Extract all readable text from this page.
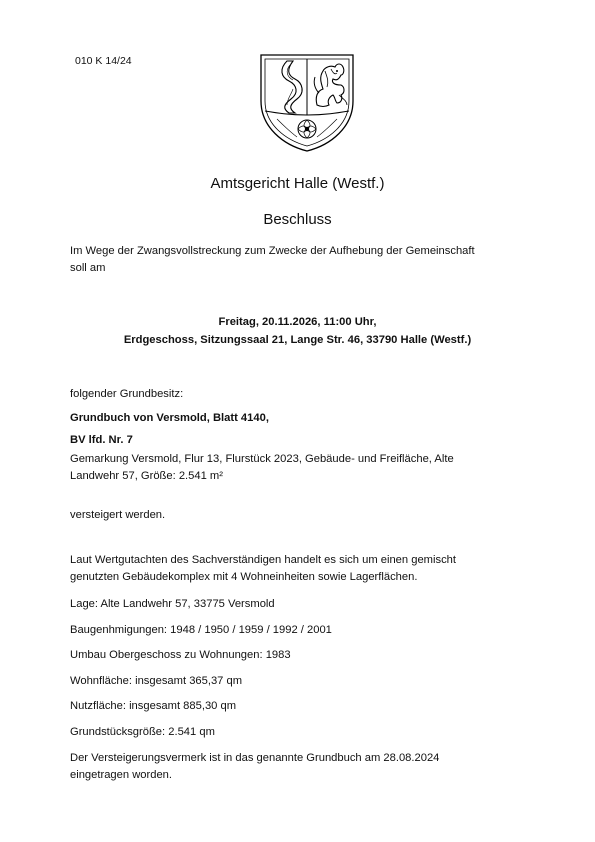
010 K 14/24
Amtsgericht Halle (Westf.)
Beschluss
Im Wege der Zwangsvollstreckung zum Zwecke der Aufhebung der Gemeinschaft
soll am
Freitag, 20.11.2026, 11:00 Uhr,
Erdgeschoss, Sitzungssaal 21, Lange Str. 46, 33790 Halle (Westf.)
folgender Grundbesitz:
Grundbuch von Versmold, Blatt 4140,
BV lfd. Nr. 7
Gemarkung Versmold, Flur 13, Flurstück 2023, Gebäude- und Freifläche, Alte
Landwehr 57, Größe: 2.541 m²
versteigert werden.
Laut Wertgutachten des Sachverständigen handelt es sich um einen gemischt
genutzten Gebäudekomplex mit 4 Wohneinheiten sowie Lagerflächen.
Lage: Alte Landwehr 57, 33775 Versmold
Baugenhmigungen: 1948 / 1950 / 1959 / 1992 / 2001
Umbau Obergeschoss zu Wohnungen: 1983
Wohnfläche: insgesamt 365,37 qm
Nutzfläche: insgesamt 885,30 qm
Grundstücksgröße: 2.541 qm
Der Versteigerungsvermerk ist in das genannte Grundbuch am 28.08.2024
eingetragen worden.
